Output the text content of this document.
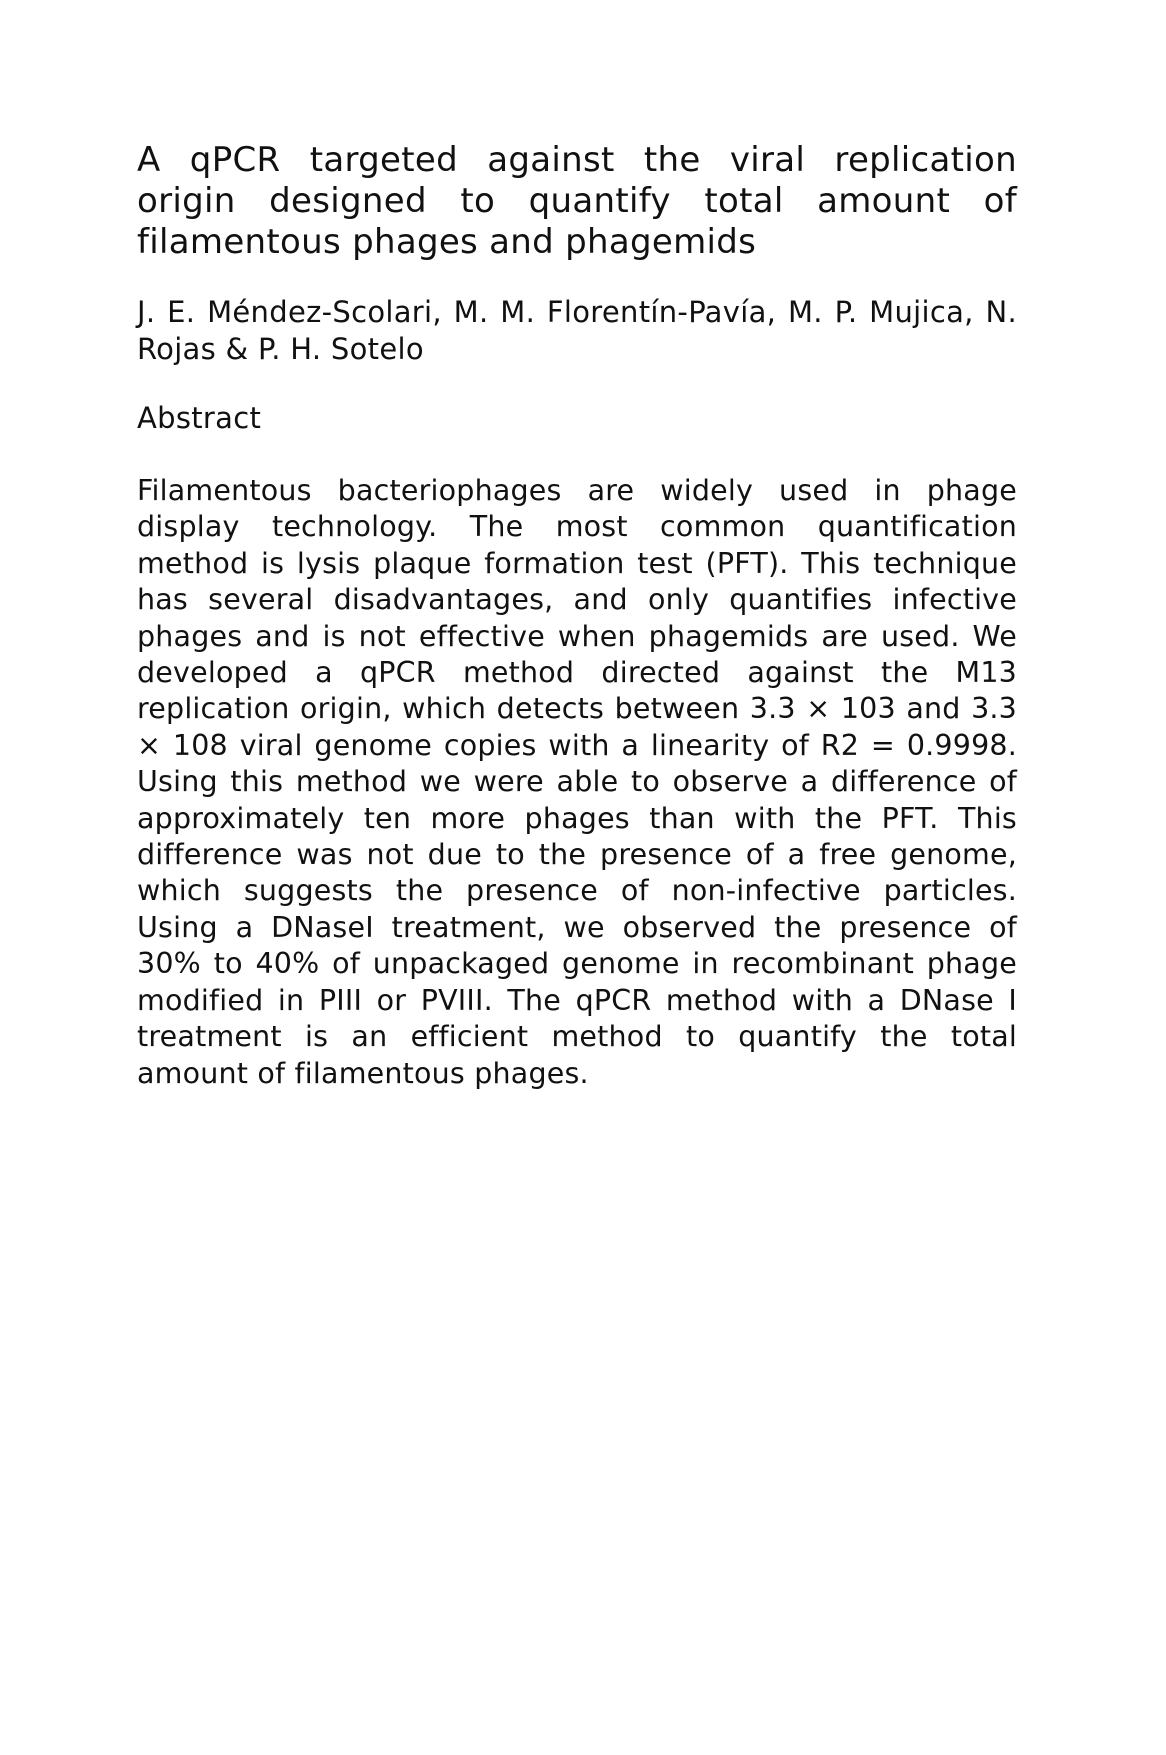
A qPCR targeted against the viral replication origin designed to quantify total amount of filamentous phages and phagemids
J. E. Méndez-Scolari, M. M. Florentín-Pavía, M. P. Mujica, N. Rojas & P. H. Sotelo
Abstract

Filamentous bacteriophages are widely used in phage display technology. The most common quantification method is lysis plaque formation test (PFT). This technique has several disadvantages, and only quantifies infective phages and is not effective when phagemids are used. We developed a qPCR method directed against the M13 replication origin, which detects between 3.3 × 103 and 3.3 × 108 viral genome copies with a linearity of R2 = 0.9998. Using this method we were able to observe a difference of approximately ten more phages than with the PFT. This difference was not due to the presence of a free genome, which suggests the presence of non-infective particles. Using a DNaseI treatment, we observed the presence of 30% to 40% of unpackaged genome in recombinant phage modified in PIII or PVIII. The qPCR method with a DNase I treatment is an efficient method to quantify the total amount of filamentous phages.
